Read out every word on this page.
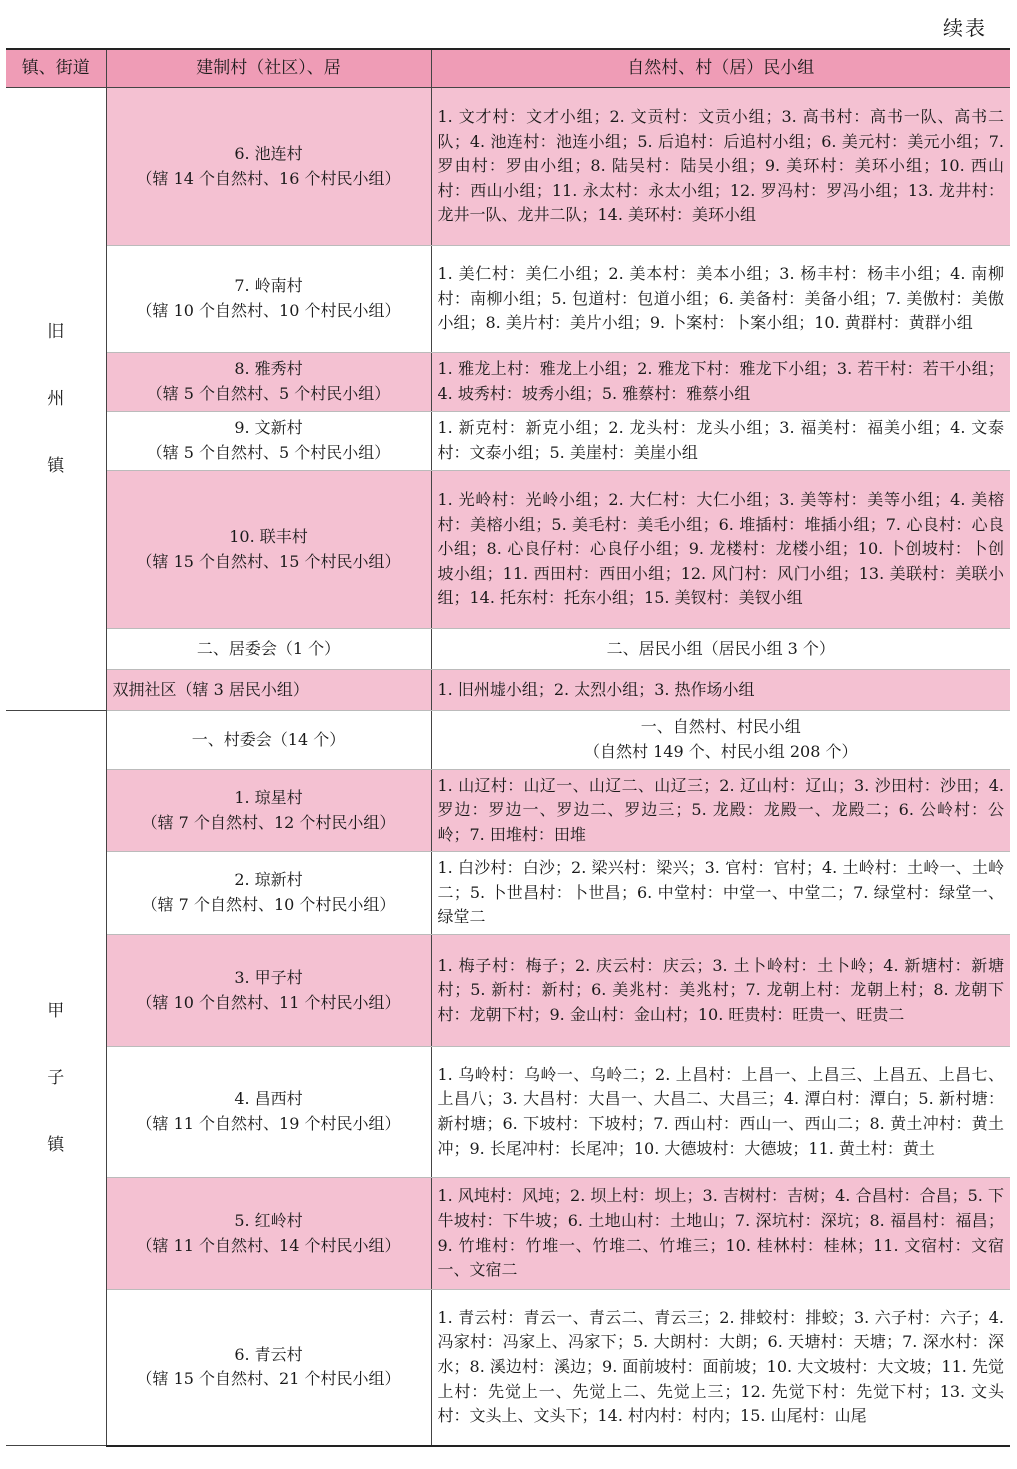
续表
镇、街道	建制村（社区）、居	自然村、村（居）民小组

旧
州
镇	6. 池连村
（辖 14 个自然村、16 个村民小组）	1. 文才村：文才小组；2. 文贡村：文贡小组；3. 高书村：高书一队、高书二队；4. 池连村：池连小组；5. 后追村：后追村小组；6. 美元村：美元小组；7. 罗由村：罗由小组；8. 陆吴村：陆吴小组；9. 美环村：美环小组；10. 西山村：西山小组；11. 永太村：永太小组；12. 罗冯村：罗冯小组；13. 龙井村：龙井一队、龙井二队；14. 美环村：美环小组

	7. 岭南村
（辖 10 个自然村、10 个村民小组）	1. 美仁村：美仁小组；2. 美本村：美本小组；3. 杨丰村：杨丰小组；4. 南柳村：南柳小组；5. 包道村：包道小组；6. 美备村：美备小组；7. 美傲村：美傲小组；8. 美片村：美片小组；9. 卜案村：卜案小组；10. 黄群村：黄群小组

	8. 雅秀村
（辖 5 个自然村、5 个村民小组）	1. 雅龙上村：雅龙上小组；2. 雅龙下村：雅龙下小组；3. 若干村：若干小组；4. 坡秀村：坡秀小组；5. 雅蔡村：雅蔡小组

	9. 文新村
（辖 5 个自然村、5 个村民小组）	1. 新克村：新克小组；2. 龙头村：龙头小组；3. 福美村：福美小组；4. 文泰村：文泰小组；5. 美崖村：美崖小组

	10. 联丰村
（辖 15 个自然村、15 个村民小组）	1. 光岭村：光岭小组；2. 大仁村：大仁小组；3. 美等村：美等小组；4. 美榕村：美榕小组；5. 美毛村：美毛小组；6. 堆插村：堆插小组；7. 心良村：心良小组；8. 心良仔村：心良仔小组；9. 龙楼村：龙楼小组；10. 卜创坡村：卜创坡小组；11. 西田村：西田小组；12. 风门村：风门小组；13. 美联村：美联小组；14. 托东村：托东小组；15. 美钗村：美钗小组

	二、居委会（1 个）	二、居民小组（居民小组 3 个）

	双拥社区（辖 3 居民小组）	1. 旧州墟小组；2. 太烈小组；3. 热作场小组

甲
子
镇	一、村委会（14 个）	一、自然村、村民小组
（自然村 149 个、村民小组 208 个）

	1. 琼星村
（辖 7 个自然村、12 个村民小组）	1. 山辽村：山辽一、山辽二、山辽三；2. 辽山村：辽山；3. 沙田村：沙田；4. 罗边：罗边一、罗边二、罗边三；5. 龙殿：龙殿一、龙殿二；6. 公岭村：公岭；7. 田堆村：田堆

	2. 琼新村
（辖 7 个自然村、10 个村民小组）	1. 白沙村：白沙；2. 梁兴村：梁兴；3. 官村：官村；4. 土岭村：土岭一、土岭二；5. 卜世昌村：卜世昌；6. 中堂村：中堂一、中堂二；7. 绿堂村：绿堂一、绿堂二

	3. 甲子村
（辖 10 个自然村、11 个村民小组）	1. 梅子村：梅子；2. 庆云村：庆云；3. 土卜岭村：土卜岭；4. 新塘村：新塘村；5. 新村：新村；6. 美兆村：美兆村；7. 龙朝上村：龙朝上村；8. 龙朝下村：龙朝下村；9. 金山村：金山村；10. 旺贵村：旺贵一、旺贵二

	4. 昌西村
（辖 11 个自然村、19 个村民小组）	1. 乌岭村：乌岭一、乌岭二；2. 上昌村：上昌一、上昌三、上昌五、上昌七、上昌八；3. 大昌村：大昌一、大昌二、大昌三；4. 潭白村：潭白；5. 新村塘：新村塘；6. 下坡村：下坡村；7. 西山村：西山一、西山二；8. 黄土冲村：黄土冲；9. 长尾冲村：长尾冲；10. 大德坡村：大德坡；11. 黄土村：黄土

	5. 红岭村
（辖 11 个自然村、14 个村民小组）	1. 风坉村：风坉；2. 坝上村：坝上；3. 吉树村：吉树；4. 合昌村：合昌；5. 下牛坡村：下牛坡；6. 土地山村：土地山；7. 深坑村：深坑；8. 福昌村：福昌；9. 竹堆村：竹堆一、竹堆二、竹堆三；10. 桂林村：桂林；11. 文宿村：文宿一、文宿二

	6. 青云村
（辖 15 个自然村、21 个村民小组）	1. 青云村：青云一、青云二、青云三；2. 排蛟村：排蛟；3. 六子村：六子；4. 冯家村：冯家上、冯家下；5. 大朗村：大朗；6. 天塘村：天塘；7. 深水村：深水；8. 溪边村：溪边；9. 面前坡村：面前坡；10. 大文坡村：大文坡；11. 先觉上村：先觉上一、先觉上二、先觉上三；12. 先觉下村：先觉下村；13. 文头村：文头上、文头下；14. 村内村：村内；15. 山尾村：山尾
